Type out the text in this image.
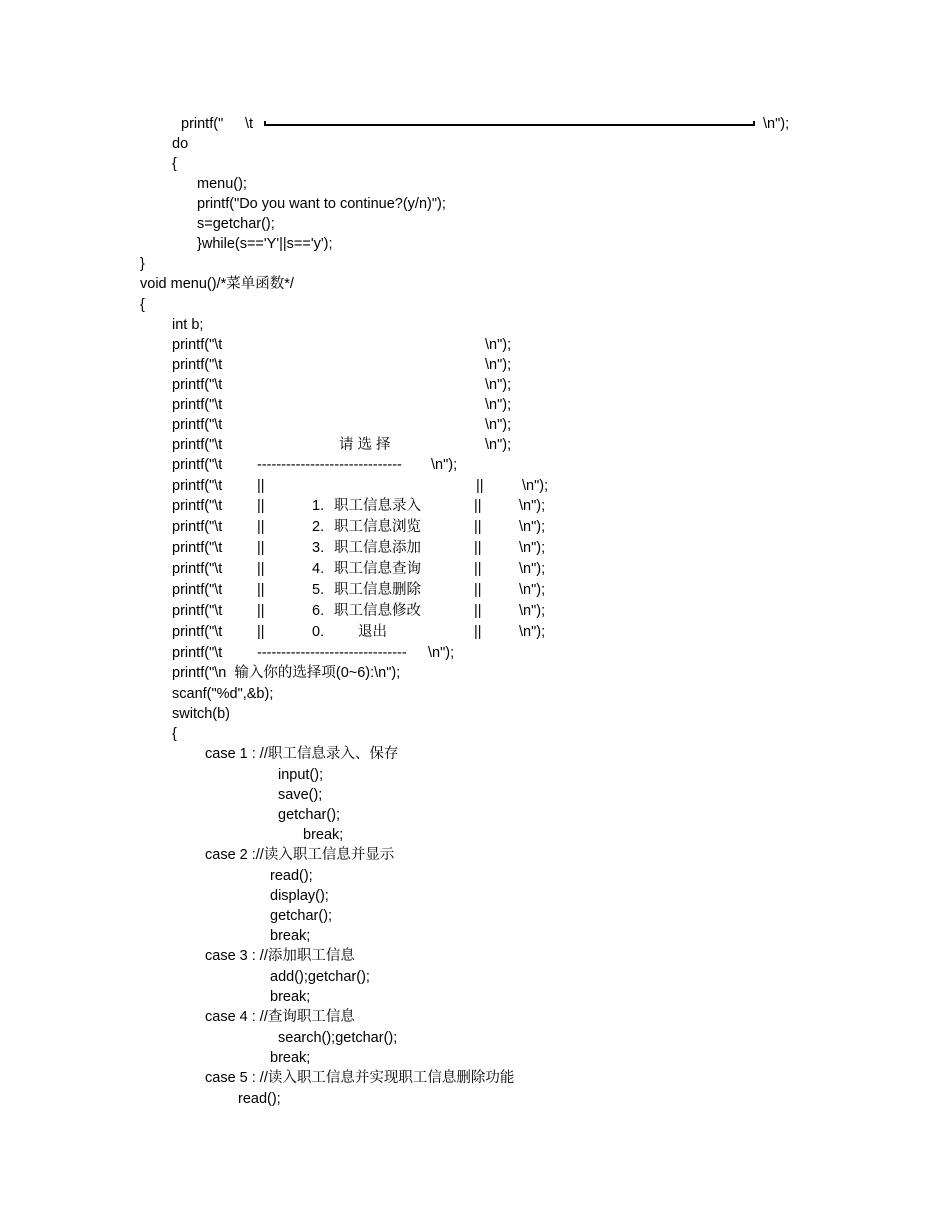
printf(" \t	\n");
do
{
menu();
printf("Do you want to continue?(y/n)");
s=getchar();
}while(s=='Y'||s=='y');
}
void menu()/*菜单函数*/
{
int b;
printf("\t	\n");
printf("\t	\n");
printf("\t	\n");
printf("\t	\n");
printf("\t	\n");
printf("\t	请 选 择	\n");
printf("\t ------------------------------ \n");
printf("\t ||	||	\n");
printf("\t ||	1. 职工信息录入	||	\n");
printf("\t ||	2. 职工信息浏览	||	\n");
printf("\t ||	3. 职工信息添加	||	\n");
printf("\t ||	4. 职工信息查询	||	\n");
printf("\t ||	5. 职工信息删除	||	\n");
printf("\t ||	6. 职工信息修改	||	\n");
printf("\t ||	0. 退出	||	\n");
printf("\t ------------------------------- \n");
printf("\n  输入你的选择项(0~6):\n");
scanf("%d",&b);
switch(b)
{
case 1 : //职工信息录入、保存
input();
save();
getchar();
break;
case 2 ://读入职工信息并显示
read();
display();
getchar();
break;
case 3 : //添加职工信息
add();getchar();
break;
case 4 : //查询职工信息
search();getchar();
break;
case 5 : //读入职工信息并实现职工信息删除功能
read();
